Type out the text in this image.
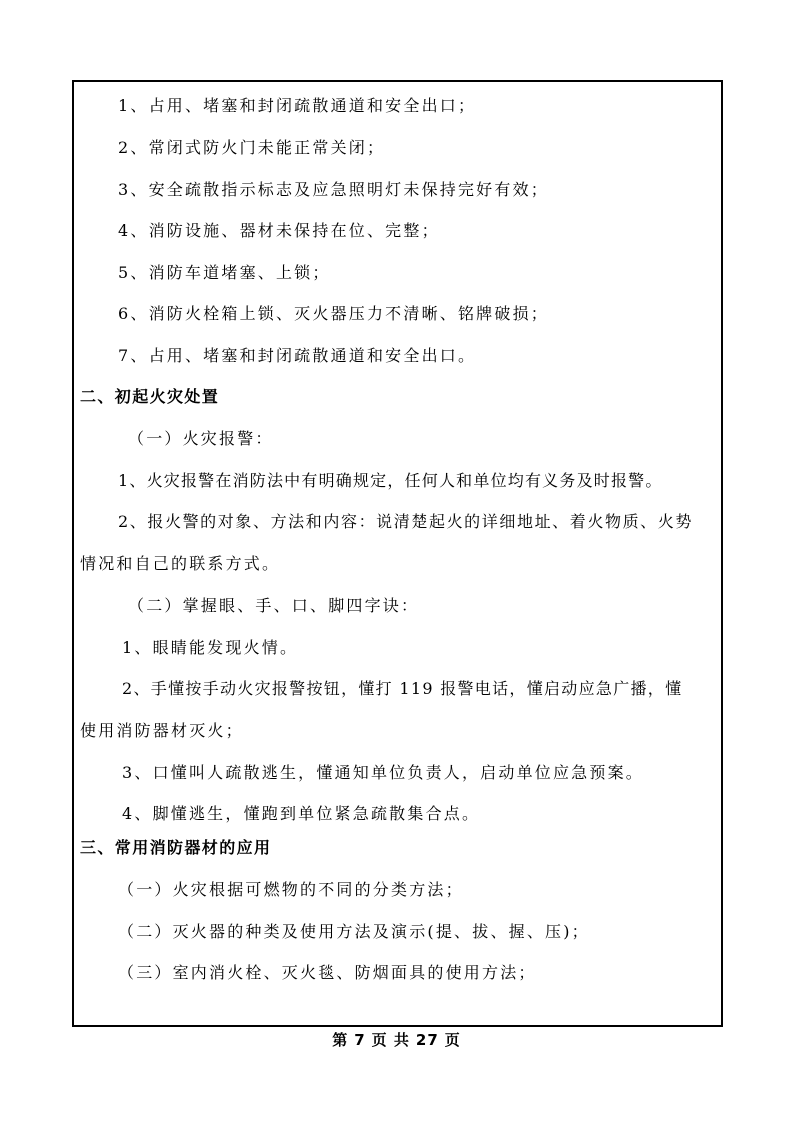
1、占用、堵塞和封闭疏散通道和安全出口；
2、常闭式防火门未能正常关闭；
3、安全疏散指示标志及应急照明灯未保持完好有效；
4、消防设施、器材未保持在位、完整；
5、消防车道堵塞、上锁；
6、消防火栓箱上锁、灭火器压力不清晰、铭牌破损；
7、占用、堵塞和封闭疏散通道和安全出口。
二、初起火灾处置
（一）火灾报警：
1、火灾报警在消防法中有明确规定，任何人和单位均有义务及时报警。
2、报火警的对象、方法和内容：说清楚起火的详细地址、着火物质、火势
情况和自己的联系方式。
（二）掌握眼、手、口、脚四字诀：
1、眼睛能发现火情。
2、手懂按手动火灾报警按钮，懂打 119 报警电话，懂启动应急广播，懂
使用消防器材灭火；
3、口懂叫人疏散逃生，懂通知单位负责人，启动单位应急预案。
4、脚懂逃生，懂跑到单位紧急疏散集合点。
三、常用消防器材的应用
（一）火灾根据可燃物的不同的分类方法；
（二）灭火器的种类及使用方法及演示(提、拔、握、压)；
（三）室内消火栓、灭火毯、防烟面具的使用方法；
第 7 页 共 27 页
